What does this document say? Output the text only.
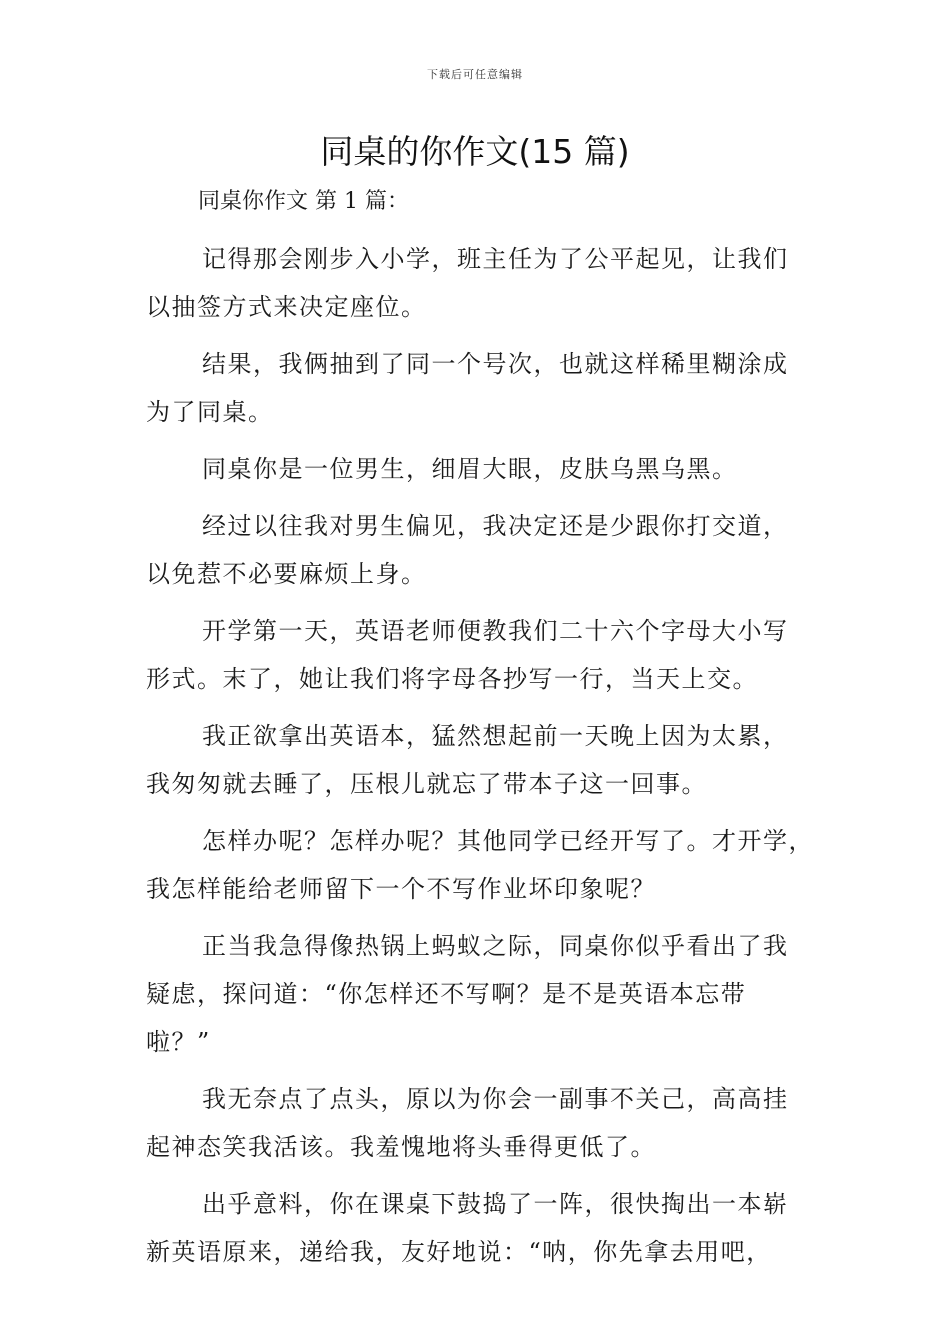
下载后可任意编辑
同桌的你作文(15 篇)
同桌你作文 第 1 篇：

记得那会刚步入小学，班主任为了公平起见，让我们
以抽签方式来决定座位。

结果，我俩抽到了同一个号次，也就这样稀里糊涂成
为了同桌。

同桌你是一位男生，细眉大眼，皮肤乌黑乌黑。

经过以往我对男生偏见，我决定还是少跟你打交道，
以免惹不必要麻烦上身。

开学第一天，英语老师便教我们二十六个字母大小写
形式。末了，她让我们将字母各抄写一行，当天上交。

我正欲拿出英语本，猛然想起前一天晚上因为太累，
我匆匆就去睡了，压根儿就忘了带本子这一回事。

怎样办呢？怎样办呢？其他同学已经开写了。才开学，
我怎样能给老师留下一个不写作业坏印象呢？

正当我急得像热锅上蚂蚁之际，同桌你似乎看出了我
疑虑，探问道：“你怎样还不写啊？是不是英语本忘带
啦？”

我无奈点了点头，原以为你会一副事不关己，高高挂
起神态笑我活该。我羞愧地将头垂得更低了。

出乎意料，你在课桌下鼓捣了一阵，很快掏出一本崭
新英语原来，递给我，友好地说：“呐，你先拿去用吧，
